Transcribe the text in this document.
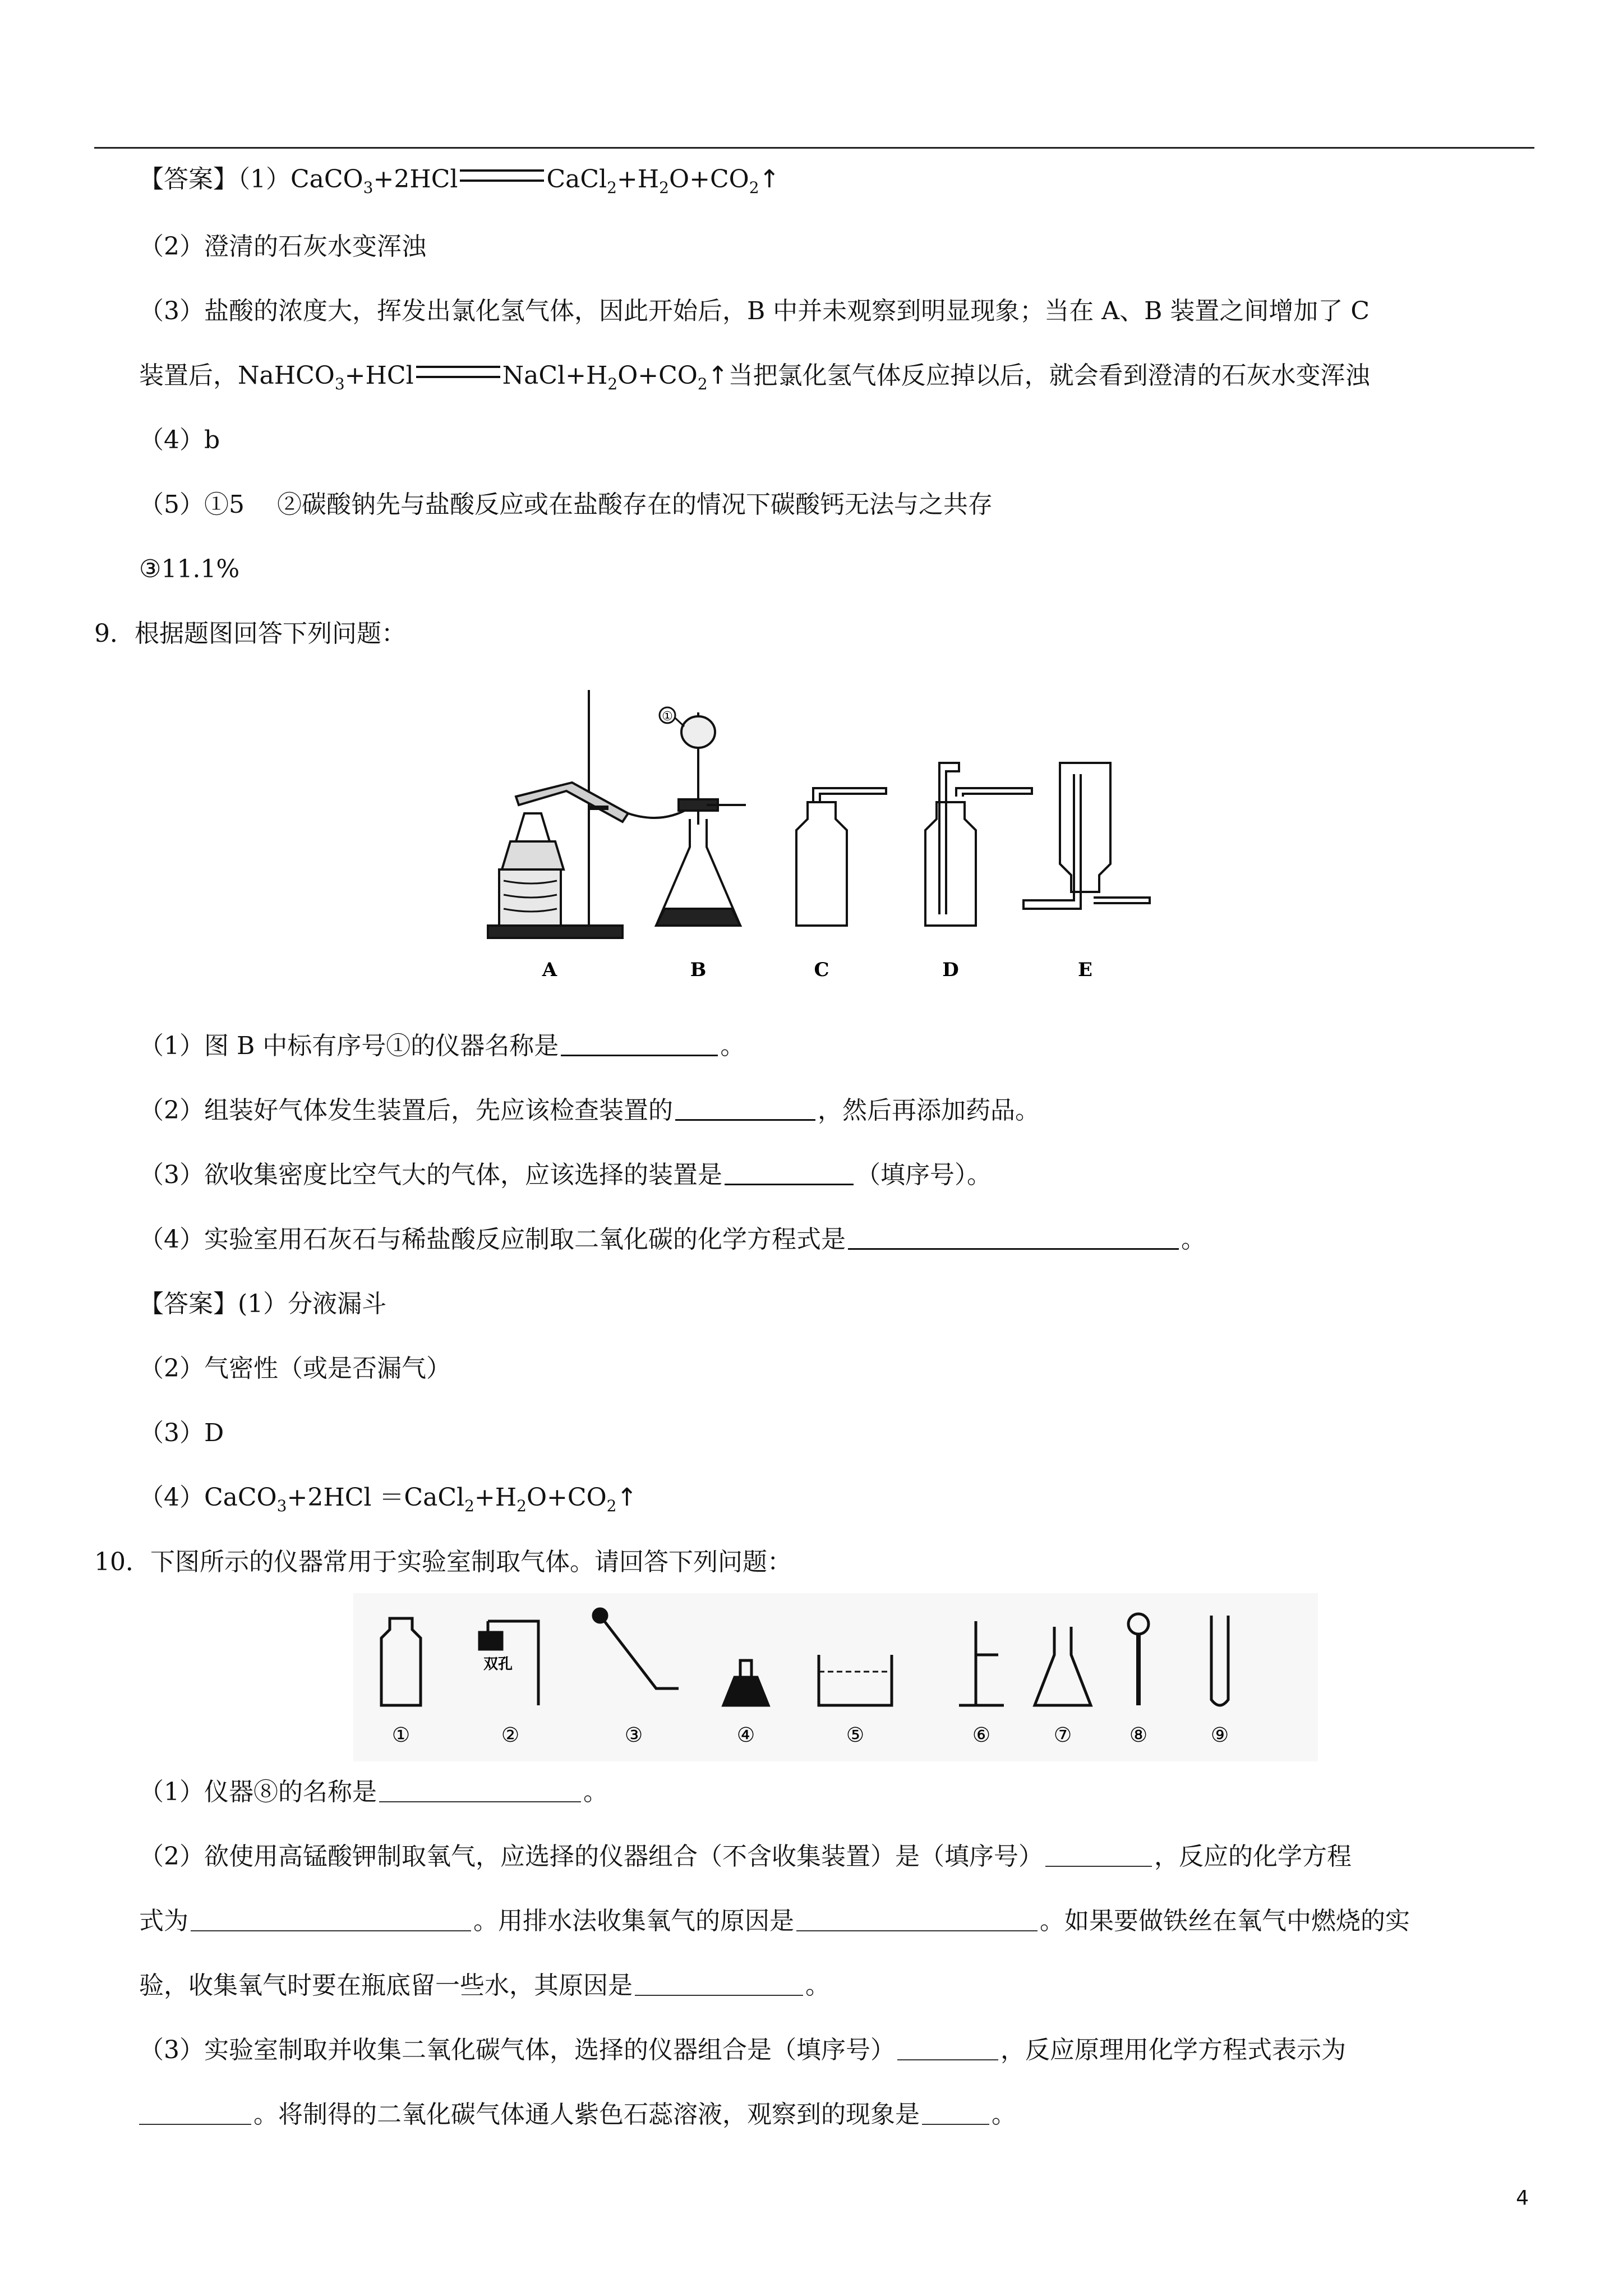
【答案】（1）CaCO$_3$+2HCl	$CaCl_2+H_2O+CO_2↑$
（2）澄清的石灰水变浑浊
（3）盐酸的浓度大，挥发出氯化氢气体，因此开始后，B 中并未观察到明显现象；当在 A、B 装置之间增加了 C
装置后，NaHCO$_3$+HCl	$NaCl+H_2O+CO_2↑$当把氯化氢气体反应掉以后，就会看到澄清的石灰水变浑浊
（4）b
（5）①5　 ②碳酸钠先与盐酸反应或在盐酸存在的情况下碳酸钙无法与之共存
③11.1%
9．根据题图回答下列问题：
A	B	C	D	E
①
（1）图 B 中标有序号①的仪器名称是	。
（2）组装好气体发生装置后，先应该检查装置的	，然后再添加药品。
（3）欲收集密度比空气大的气体，应该选择的装置是	（填序号）。
（4）实验室用石灰石与稀盐酸反应制取二氧化碳的化学方程式是	。
【答案】(1）分液漏斗
（2）气密性（或是否漏气）
（3）D
（4）CaCO$_3$+2HCl $=CaCl_2+H_2O+CO_2↑$
10．下图所示的仪器常用于实验室制取气体。请回答下列问题：
双孔
①	②	③	④	⑤	⑥	⑦	⑧	⑨
（1）仪器⑧的名称是	。
（2）欲使用高锰酸钾制取氧气，应选择的仪器组合（不含收集装置）是（填序号）	，反应的化学方程
式为	。用排水法收集氧气的原因是	。如果要做铁丝在氧气中燃烧的实
验，收集氧气时要在瓶底留一些水，其原因是	。
（3）实验室制取并收集二氧化碳气体，选择的仪器组合是（填序号）	，反应原理用化学方程式表示为
。将制得的二氧化碳气体通人紫色石蕊溶液，观察到的现象是	。
4
